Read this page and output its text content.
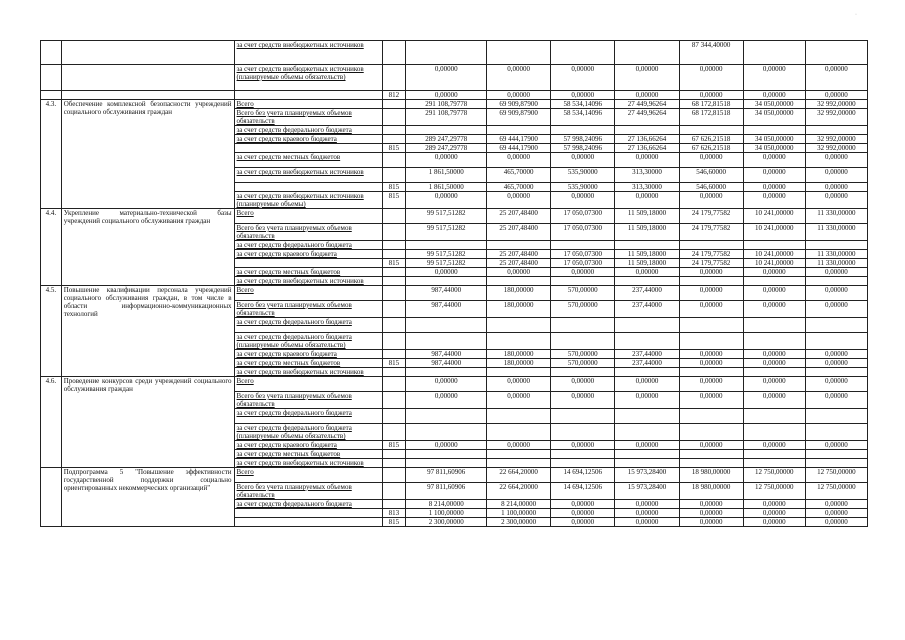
·
		за счет средств внебюджетных источников						87 344,40000		
		за счет средств внебюджетных источников (планируемые объемы обязательств)		0,00000	0,00000	0,00000	0,00000	0,00000	0,00000	0,00000
			812	0,00000	0,00000	0,00000	0,00000	0,00000	0,00000	0,00000
4.3.	Обеспечение комплексной безопасности учреждений социального обслуживания граждан	Всего		291 108,79778	69 909,87900	58 534,14096	27 449,96264	68 172,81518	34 050,00000	32 992,00000
		Всего без учета планируемых объемов обязательств		291 108,79778	69 909,87900	58 534,14096	27 449,96264	68 172,81518	34 050,00000	32 992,00000
		за счет средств федерального бюджета								
		за счет средств краевого бюджета		289 247,29778	69 444,17900	57 998,24096	27 136,66264	67 626,21518	34 050,00000	32 992,00000
			815	289 247,29778	69 444,17900	57 998,24096	27 136,66264	67 626,21518	34 050,00000	32 992,00000
		за счет средств местных бюджетов		0,00000	0,00000	0,00000	0,00000	0,00000	0,00000	0,00000
		за счет средств внебюджетных источников		1 861,50000	465,70000	535,90000	313,30000	546,60000	0,00000	0,00000
			815	1 861,50000	465,70000	535,90000	313,30000	546,60000	0,00000	0,00000
		за счет средств внебюджетных источников (планируемые объемы)	815	0,00000	0,00000	0,00000	0,00000	0,00000	0,00000	0,00000
4.4.	Укрепление материально-технической базы учреждений социального обслуживания граждан	Всего		99 517,51282	25 207,48400	17 050,07300	11 509,18000	24 179,77582	10 241,00000	11 330,00000
		Всего без учета планируемых объемов обязательств		99 517,51282	25 207,48400	17 050,07300	11 509,18000	24 179,77582	10 241,00000	11 330,00000
		за счет средств федерального бюджета								
		за счет средств краевого бюджета		99 517,51282	25 207,48400	17 050,07300	11 509,18000	24 179,77582	10 241,00000	11 330,00000
			815	99 517,51282	25 207,48400	17 050,07300	11 509,18000	24 179,77582	10 241,00000	11 330,00000
		за счет средств местных бюджетов		0,00000	0,00000	0,00000	0,00000	0,00000	0,00000	0,00000
		за счет средств внебюджетных источников								
4.5.	Повышение квалификации персонала учреждений социального обслуживания граждан, в том числе в области информационно-коммуникационных технологий	Всего		987,44000	180,00000	570,00000	237,44000	0,00000	0,00000	0,00000
		Всего без учета планируемых объемов обязательств		987,44000	180,00000	570,00000	237,44000	0,00000	0,00000	0,00000
		за счет средств федерального бюджета								
		за счет средств федерального бюджета (планируемые объемы обязательств)								
		за счет средств краевого бюджета		987,44000	180,00000	570,00000	237,44000	0,00000	0,00000	0,00000
		за счет средств местных бюджетов	815	987,44000	180,00000	570,00000	237,44000	0,00000	0,00000	0,00000
		за счет средств внебюджетных источников								
4.6.	Проведение конкурсов среди учреждений социального обслуживания граждан	Всего		0,00000	0,00000	0,00000	0,00000	0,00000	0,00000	0,00000
		Всего без учета планируемых объемов обязательств		0,00000	0,00000	0,00000	0,00000	0,00000	0,00000	0,00000
		за счет средств федерального бюджета								
		за счет средств федерального бюджета (планируемые объемы обязательств)								
		за счет средств краевого бюджета	815	0,00000	0,00000	0,00000	0,00000	0,00000	0,00000	0,00000
		за счет средств местных бюджетов								
		за счет средств внебюджетных источников								
	Подпрограмма 5 "Повышение эффективности государственной поддержки социально ориентированных некоммерческих организаций"	Всего		97 811,60906	22 664,20000	14 694,12506	15 973,28400	18 980,00000	12 750,00000	12 750,00000
		Всего без учета планируемых объемов обязательств		97 811,60906	22 664,20000	14 694,12506	15 973,28400	18 980,00000	12 750,00000	12 750,00000
		за счет средств федерального бюджета		8 214,00000	8 214,00000	0,00000	0,00000	0,00000	0,00000	0,00000
			813	1 100,00000	1 100,00000	0,00000	0,00000	0,00000	0,00000	0,00000
			815	2 300,00000	2 300,00000	0,00000	0,00000	0,00000	0,00000	0,00000
